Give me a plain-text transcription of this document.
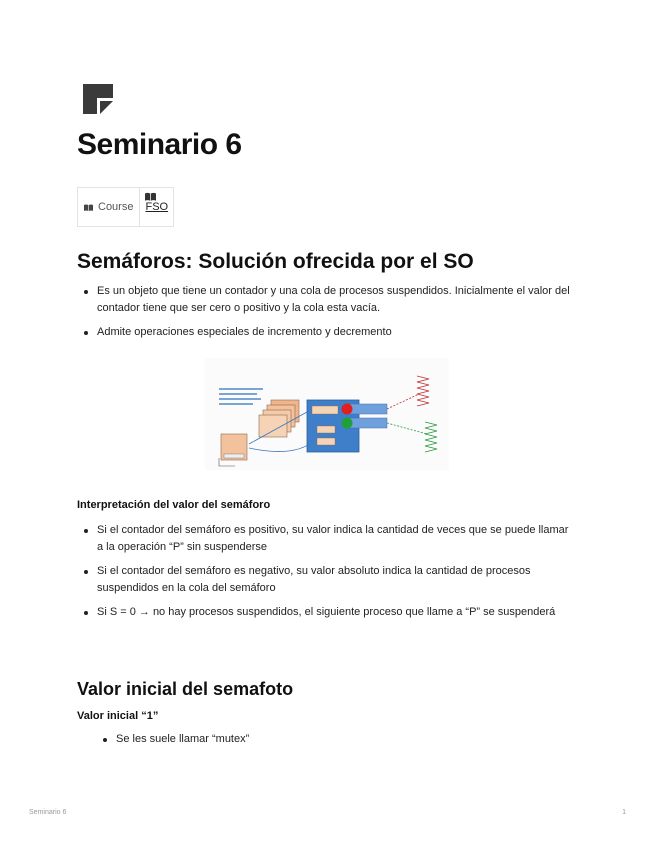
Seminario 6
Course FSO
Semáforos: Solución ofrecida por el SO
Es un objeto que tiene un contador y una cola de procesos suspendidos. Inicialmente el valor del contador tiene que ser cero o positivo y la cola esta vacía.
Admite operaciones especiales de incremento y decremento
Interpretación del valor del semáforo
Si el contador del semáforo es positivo, su valor indica la cantidad de veces que se puede llamar a la operación “P” sin suspenderse
Si el contador del semáforo es negativo, su valor absoluto indica la cantidad de procesos suspendidos en la cola del semáforo
Si S = 0 → no hay procesos suspendidos, el siguiente proceso que llame a “P” se suspenderá
Valor inicial del semafoto
Valor inicial “1”
Se les suele llamar “mutex”
Seminario 6	1
